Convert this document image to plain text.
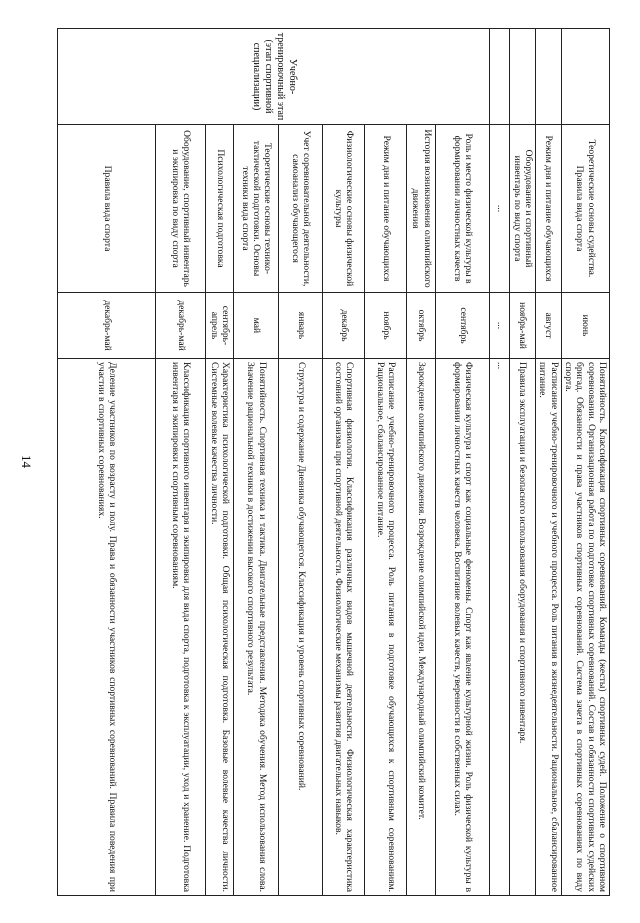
14
	Теоретические основы судейства. Правила вида спорта	июнь	Понятийность. Классификация спортивных соревнований. Команды (жесты) спортивных судей. Положение о спортивном соревновании. Организационная работа по подготовке спортивных соревнований. Состав и обязанности спортивных судейских бригад. Обязанности и права участников спортивных соревнований. Система зачета в спортивных соревнованиях по виду спорта.
	Режим дня и питание обучающихся	август	Расписание учебно-тренировочного и учебного процесса. Роль питания в жизнедеятельности. Рациональное, сбалансированное питание.
	Оборудование и спортивный инвентарь по виду спорта	ноябрь-май	Правила эксплуатации и безопасного использования оборудования и спортивного инвентаря.
	...	...	...
Учебно-тренировочный этап (этап спортивной специализации)	Роль и место физической культуры в формировании личностных качеств	сентябрь	Физическая культура и спорт как социальные феномены. Спорт как явление культурной жизни. Роль физической культуры в формировании личностных качеств человека. Воспитание волевых качеств, уверенности в собственных силах.
	История возникновения олимпийского движения	октябрь	Зарождение олимпийского движения. Возрождение олимпийской идеи. Международный олимпийский комитет.
	Режим дня и питание обучающихся	ноябрь	Расписание учебно-тренировочного процесса. Роль питания в подготовке обучающихся к спортивным соревнованиям. Рациональное, сбалансированное питание.
	Физиологические основы физической культуры	декабрь	Спортивная физиология. Классификация различных видов мышечной деятельности. Физиологическая характеристика состояний организма при спортивной деятельности. Физиологические механизмы развития двигательных навыков.
	Учет соревновательной деятельности, самоанализ обучающегося	январь	Структура и содержание Дневника обучающегося. Классификация и уровень спортивных соревнований.
	Теоретические основы технико-тактической подготовки. Основы техники вида спорта	май	Понятийность. Спортивная техника и тактика. Двигательные представления. Методика обучения. Метод использования слова. Значение рациональной техники в достижении высокого спортивного результата.
	Психологическая подготовка	сентябрь-апрель	Характеристика психологической подготовки. Общая психологическая подготовка. Базовые волевые качества личности. Системные волевые качества личности.
	Оборудование, спортивный инвентарь и экипировка по виду спорта	декабрь-май	Классификация спортивного инвентаря и экипировки для вида спорта, подготовка к эксплуатации, уход и хранение. Подготовка инвентаря и экипировки к спортивным соревнованиям.
	Правила вида спорта	декабрь-май	Деление участников по возрасту и полу. Права и обязанности участников спортивных соревнований. Правила поведения при участии в спортивных соревнованиях.
